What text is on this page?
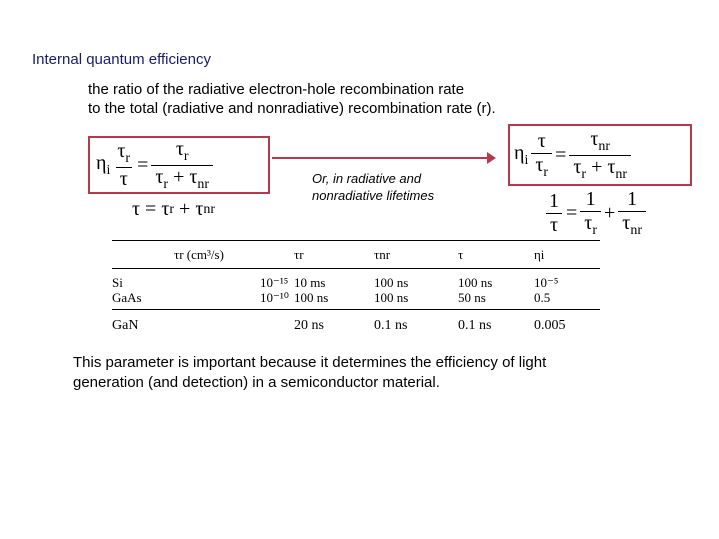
Internal quantum efficiency
the ratio of the radiative electron-hole recombination rate
to the total (radiative and nonradiative) recombination rate (r).
$\eta_i \frac{\tau_r}{\tau} = \frac{\tau_r}{\tau_r + \tau_{nr}}$
τ
=
τ r
+
τ nr
Or, in radiative and nonradiative lifetimes
$\eta_i \frac{\tau}{\tau_r} = \frac{\tau_{nr}}{\tau_r + \tau_{nr}}$
$\frac{1}{\tau} = \frac{1}{\tau_r} + \frac{1}{\tau_{nr}}$
	τr (cm³/s)	τr	τnr	τ	ηi
Si	10⁻¹⁵	10 ms	100 ns	100 ns	10⁻⁵
GaAs	10⁻¹⁰	100 ns	100 ns	50 ns	0.5
GaN		20 ns	0.1 ns	0.1 ns	0.005
This parameter is important because it determines the efficiency of light
generation (and detection) in a semiconductor material.
